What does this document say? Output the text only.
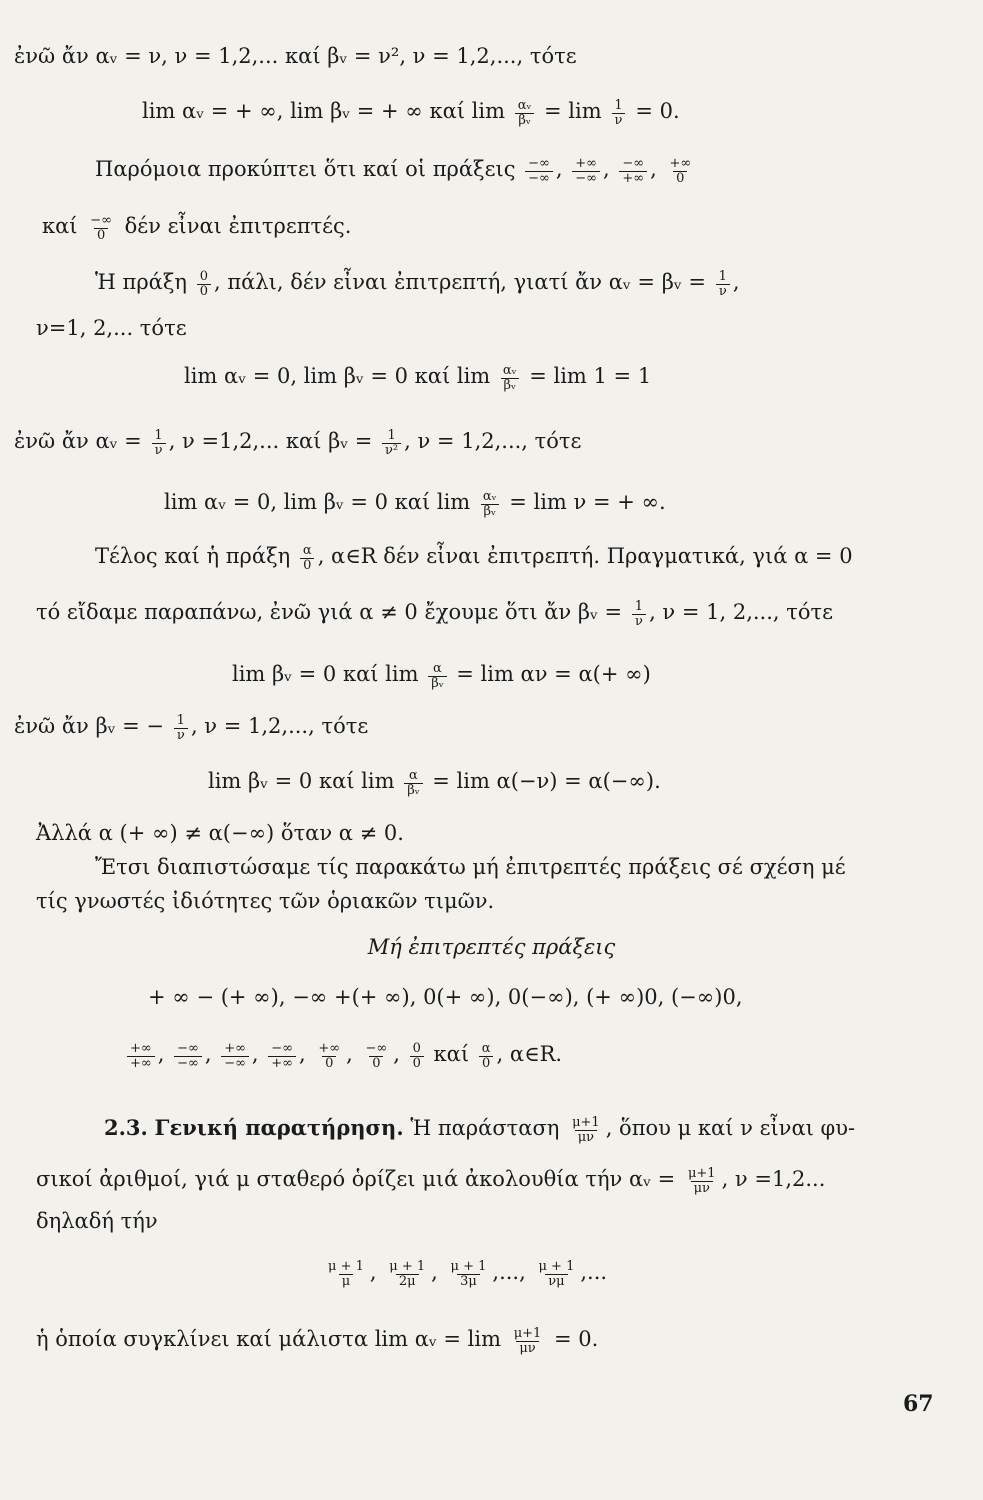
ἐνῶ ἄν αᵥ = ν, ν = 1,2,... καί βᵥ = ν², ν = 1,2,..., τότε
lim αᵥ = + ∞, lim βᵥ = + ∞ καί $\lim \frac{\text{αᵥ}}{\text{βᵥ}} = \lim \frac{1}{\nu} = 0$.
Παρόμοια προκύπτει ὅτι καί οἱ πράξεις −∞
−∞ , +∞
−∞ , −∞
+∞ , +∞
0
καί −∞
0 δέν εἶναι ἐπιτρεπτές.
Ἡ πράξη $\frac{0}{0}$ , πάλι, δέν εἶναι ἐπιτρεπτή, γιατί ἄν αᵥ = βᵥ = $\frac{1}{\nu}$ ,
ν=1, 2,... τότε
lim αᵥ = 0, lim βᵥ = 0 καί $\lim \frac{\text{αᵥ}}{\text{βᵥ}} = \lim 1 = 1$
ἐνῶ ἄν αᵥ = $\frac{1}{\nu}$ , ν =1,2,... καί βᵥ = $\frac{1}{\text{ν²}}$ , ν = 1,2,..., τότε
lim αᵥ = 0, lim βᵥ = 0 καί $\lim \frac{\text{αᵥ}}{\text{βᵥ}} = \lim \nu$ = + ∞.
Τέλος καί ἡ πράξη $\frac{\alpha}{0}$ , α∈R δέν εἶναι ἐπιτρεπτή. Πραγματικά, γιά α = 0
τό εἴδαμε παραπάνω, ἐνῶ γιά α ≠ 0 ἔχουμε ὅτι ἄν βᵥ = $\frac{1}{\nu}$ , ν = 1, 2,..., τότε
lim βᵥ = 0 καί $\lim \frac{\alpha}{\text{βᵥ}} = \lim \alpha\nu = \alpha(+$ ∞)
ἐνῶ ἄν βᵥ = − $\frac{1}{\nu}$ , ν = 1,2,..., τότε
lim βᵥ = 0 καί $\lim \frac{\alpha}{\text{βᵥ}} = \lim \alpha(-\nu) = \alpha(-\infty)$.
Ἀλλά α (+ ∞) ≠ α(−∞) ὅταν α ≠ 0.
Ἔτσι διαπιστώσαμε τίς παρακάτω μή ἐπιτρεπτές πράξεις σέ σχέση μέ
τίς γνωστές ἰδιότητες τῶν ὁριακῶν τιμῶν.
Μή ἐπιτρεπτές πράξεις
+ ∞ − (+ ∞), −∞ +(+ ∞), 0(+ ∞), 0(−∞), (+ ∞)0, (−∞)0,
+∞
+∞ , −∞
−∞ , +∞
−∞ , −∞
+∞ , +∞
0 , −∞
0 , $\frac{0}{0}$ καί $\frac{\alpha}{0}$ , α∈R.
2.3. Γενική παρατήρηση. Ἡ παράσταση $\frac{\mu+1}{\mu\nu}$ , ὅπου μ καί ν εἶναι φυ-
σικοί ἀριθμοί, γιά μ σταθερό ὁρίζει μιά ἀκολουθία τήν αᵥ = $\frac{\mu+1}{\mu\nu}$ , ν =1,2...
δηλαδή τήν
$\frac{\mu + 1}{\mu}$ , $\frac{\mu + 1}{2\mu}$ , $\frac{\mu + 1}{3\mu}$ ,..., $\frac{\mu + 1}{\nu\mu}$ ,...
ἡ ὁποία συγκλίνει καί μάλιστα lim αᵥ = $\lim \frac{\mu+1}{\mu\nu} = 0$.
67
